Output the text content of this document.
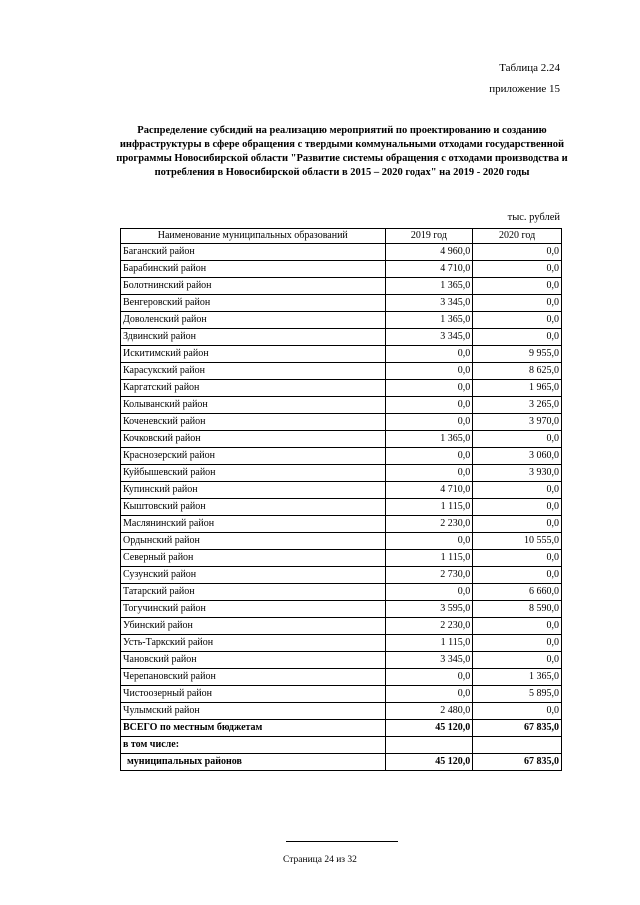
Таблица 2.24
приложение 15
Распределение субсидий на реализацию мероприятий по проектированию и созданию инфраструктуры в сфере обращения с твердыми коммунальными отходами государственной программы Новосибирской области "Развитие системы обращения с отходами производства и потребления в Новосибирской области в 2015 – 2020 годах" на 2019 - 2020 годы
тыс. рублей
Наименование муниципальных образований	2019 год	2020 год
Баганский район	4 960,0	0,0
Барабинский район	4 710,0	0,0
Болотнинский район	1 365,0	0,0
Венгеровский район	3 345,0	0,0
Доволенский район	1 365,0	0,0
Здвинский район	3 345,0	0,0
Искитимский район	0,0	9 955,0
Карасукский район	0,0	8 625,0
Каргатский район	0,0	1 965,0
Колыванский район	0,0	3 265,0
Коченевский район	0,0	3 970,0
Кочковский район	1 365,0	0,0
Краснозерский район	0,0	3 060,0
Куйбышевский район	0,0	3 930,0
Купинский район	4 710,0	0,0
Кыштовский район	1 115,0	0,0
Маслянинский район	2 230,0	0,0
Ордынский район	0,0	10 555,0
Северный район	1 115,0	0,0
Сузунский район	2 730,0	0,0
Татарский район	0,0	6 660,0
Тогучинский район	3 595,0	8 590,0
Убинский район	2 230,0	0,0
Усть-Таркский район	1 115,0	0,0
Чановский район	3 345,0	0,0
Черепановский район	0,0	1 365,0
Чистоозерный район	0,0	5 895,0
Чулымский район	2 480,0	0,0
ВСЕГО по местным бюджетам	45 120,0	67 835,0
в том числе:		
муниципальных районов	45 120,0	67 835,0
Страница 24 из 32
